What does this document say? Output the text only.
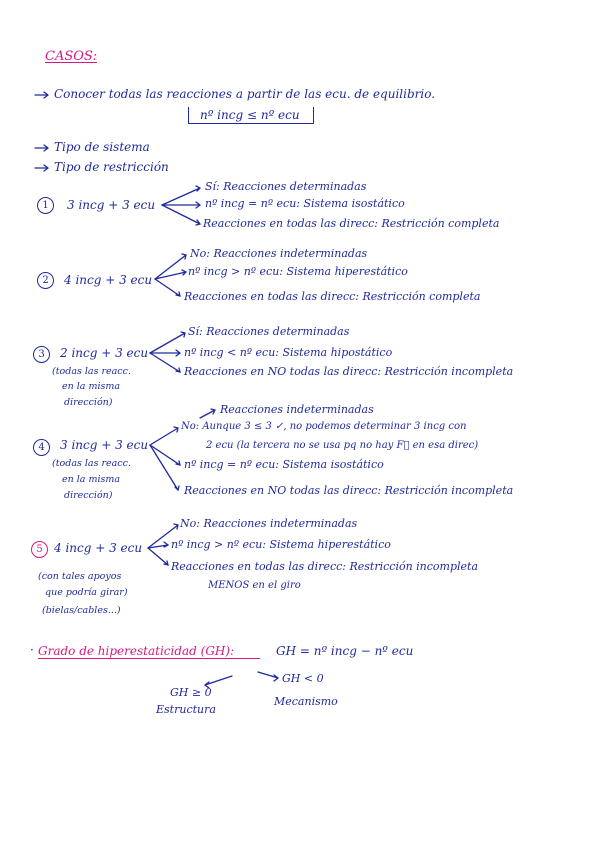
CASOS:
Conocer todas las reacciones a partir de las ecu. de equilibrio.
nº incg ≤ nº ecu
Tipo de sistema
Tipo de restricción
1	3 incg + 3 ecu
Sí: Reacciones determinadas
nº incg = nº ecu: Sistema isostático
Reacciones en todas las direcc: Restricción completa
2	4 incg + 3 ecu
No: Reacciones indeterminadas
nº incg > nº ecu: Sistema hiperestático
Reacciones en todas las direcc: Restricción completa
3	2 incg + 3 ecu
(todas las reacc.
en la misma
dirección)
Sí: Reacciones determinadas
nº incg < nº ecu: Sistema hipostático
Reacciones en NO todas las direcc: Restricción incompleta
4	3 incg + 3 ecu
(todas las reacc.
en la misma
dirección)
Reacciones indeterminadas
No: Aunque 3 ≤ 3 ✓, no podemos determinar 3 incg con
2 ecu (la tercera no se usa pq no hay F⃗ en esa direc)
nº incg = nº ecu: Sistema isostático
Reacciones en NO todas las direcc: Restricción incompleta
5 4 incg + 3 ecu
(con tales apoyos
que podría girar)
(bielas/cables...)
No: Reacciones indeterminadas
nº incg > nº ecu: Sistema hiperestático
Reacciones en todas las direcc: Restricción incompleta
MENOS en el giro
· Grado de hiperestaticidad (GH):	GH = nº incg − nº ecu
GH ≥ 0
Estructura
GH < 0
Mecanismo
